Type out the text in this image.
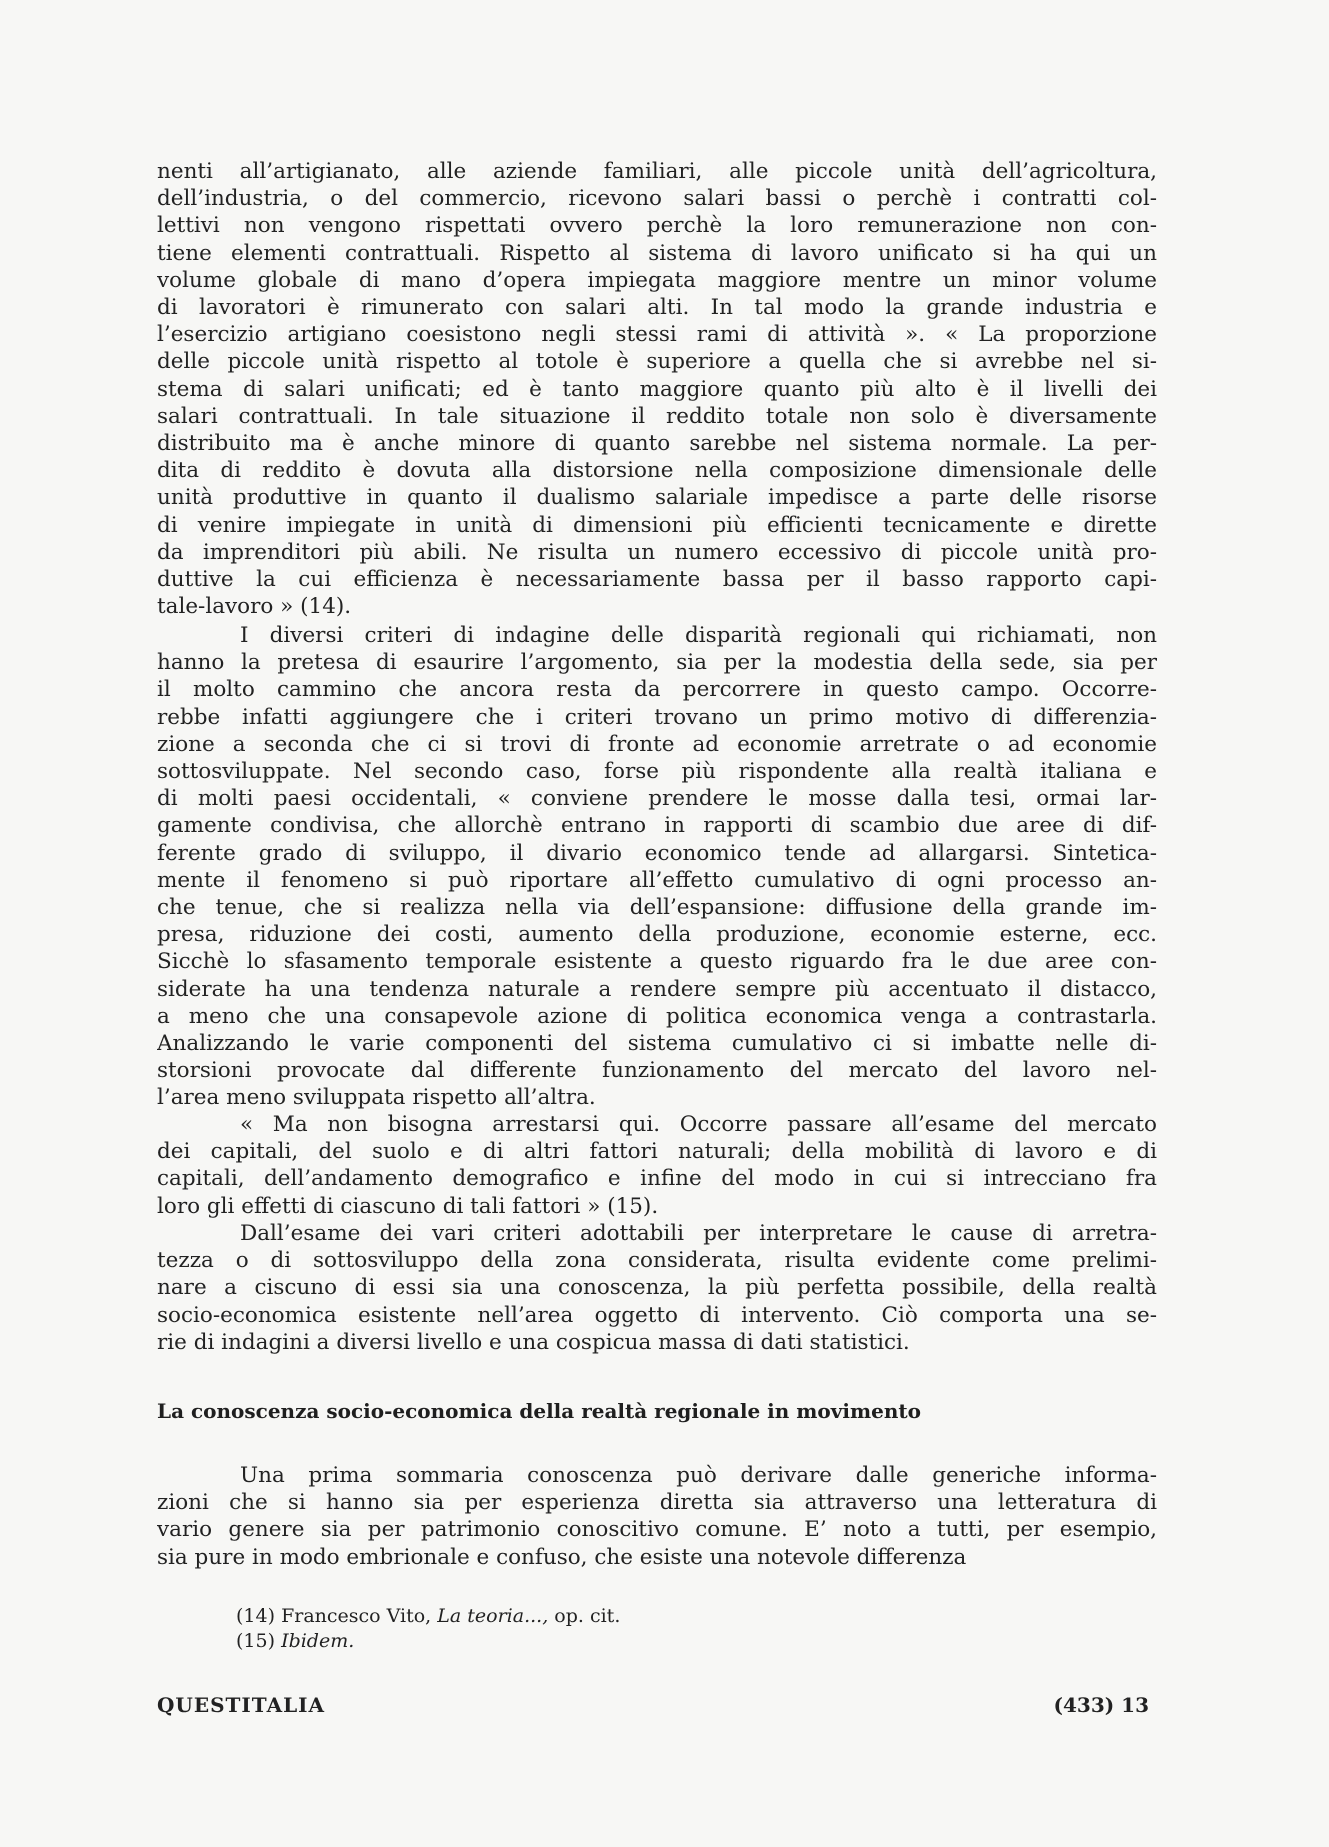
nenti all’artigianato, alle aziende familiari, alle piccole unità dell’agricoltura,
dell’industria, o del commercio, ricevono salari bassi o perchè i contratti col-
lettivi non vengono rispettati ovvero perchè la loro remunerazione non con-
tiene elementi contrattuali. Rispetto al sistema di lavoro unificato si ha qui un
volume globale di mano d’opera impiegata maggiore mentre un minor volume
di lavoratori è rimunerato con salari alti. In tal modo la grande industria e
l’esercizio artigiano coesistono negli stessi rami di attività ». « La proporzione
delle piccole unità rispetto al totole è superiore a quella che si avrebbe nel si-
stema di salari unificati; ed è tanto maggiore quanto più alto è il livelli dei
salari contrattuali. In tale situazione il reddito totale non solo è diversamente
distribuito ma è anche minore di quanto sarebbe nel sistema normale. La per-
dita di reddito è dovuta alla distorsione nella composizione dimensionale delle
unità produttive in quanto il dualismo salariale impedisce a parte delle risorse
di venire impiegate in unità di dimensioni più efficienti tecnicamente e dirette
da imprenditori più abili. Ne risulta un numero eccessivo di piccole unità pro-
duttive la cui efficienza è necessariamente bassa per il basso rapporto capi-
tale-lavoro » (14).
I diversi criteri di indagine delle disparità regionali qui richiamati, non
hanno la pretesa di esaurire l’argomento, sia per la modestia della sede, sia per
il molto cammino che ancora resta da percorrere in questo campo. Occorre-
rebbe infatti aggiungere che i criteri trovano un primo motivo di differenzia-
zione a seconda che ci si trovi di fronte ad economie arretrate o ad economie
sottosviluppate. Nel secondo caso, forse più rispondente alla realtà italiana e
di molti paesi occidentali, « conviene prendere le mosse dalla tesi, ormai lar-
gamente condivisa, che allorchè entrano in rapporti di scambio due aree di dif-
ferente grado di sviluppo, il divario economico tende ad allargarsi. Sinteticа-
mente il fenomeno si può riportare all’effetto cumulativo di ogni processo an-
che tenue, che si realizza nella via dell’espansione: diffusione della grande im-
presa, riduzione dei costi, aumento della produzione, economie esterne, ecc.
Sicchè lo sfasamento temporale esistente a questo riguardo fra le due aree con-
siderate ha una tendenza naturale a rendere sempre più accentuato il distacco,
a meno che una consapevole azione di politica economica venga a contrastarla.
Analizzando le varie componenti del sistema cumulativo ci si imbatte nelle di-
storsioni provocate dal differente funzionamento del mercato del lavoro nel-
l’area meno sviluppata rispetto all’altra.
« Ma non bisogna arrestarsi qui. Occorre passare all’esame del mercato
dei capitali, del suolo e di altri fattori naturali; della mobilità di lavoro e di
capitali, dell’andamento demografico e infine del modo in cui si intrecciano fra
loro gli effetti di ciascuno di tali fattori » (15).
Dall’esame dei vari criteri adottabili per interpretare le cause di arretra-
tezza o di sottosviluppo della zona considerata, risulta evidente come prelimi-
nare a ciscuno di essi sia una conoscenza, la più perfetta possibile, della realtà
socio-economica esistente nell’area oggetto di intervento. Ciò comporta una se-
rie di indagini a diversi livello e una cospicua massa di dati statistici.
La conoscenza socio-economica della realtà regionale in movimento
Una prima sommaria conoscenza può derivare dalle generiche informa-
zioni che si hanno sia per esperienza diretta sia attraverso una letteratura di
vario genere sia per patrimonio conoscitivo comune. E’ noto a tutti, per esempio,
sia pure in modo embrionale e confuso, che esiste una notevole differenza
(14) Francesco Vito, La teoria..., op. cit.
(15) Ibidem.
QUESTITALIA	(433) 13
